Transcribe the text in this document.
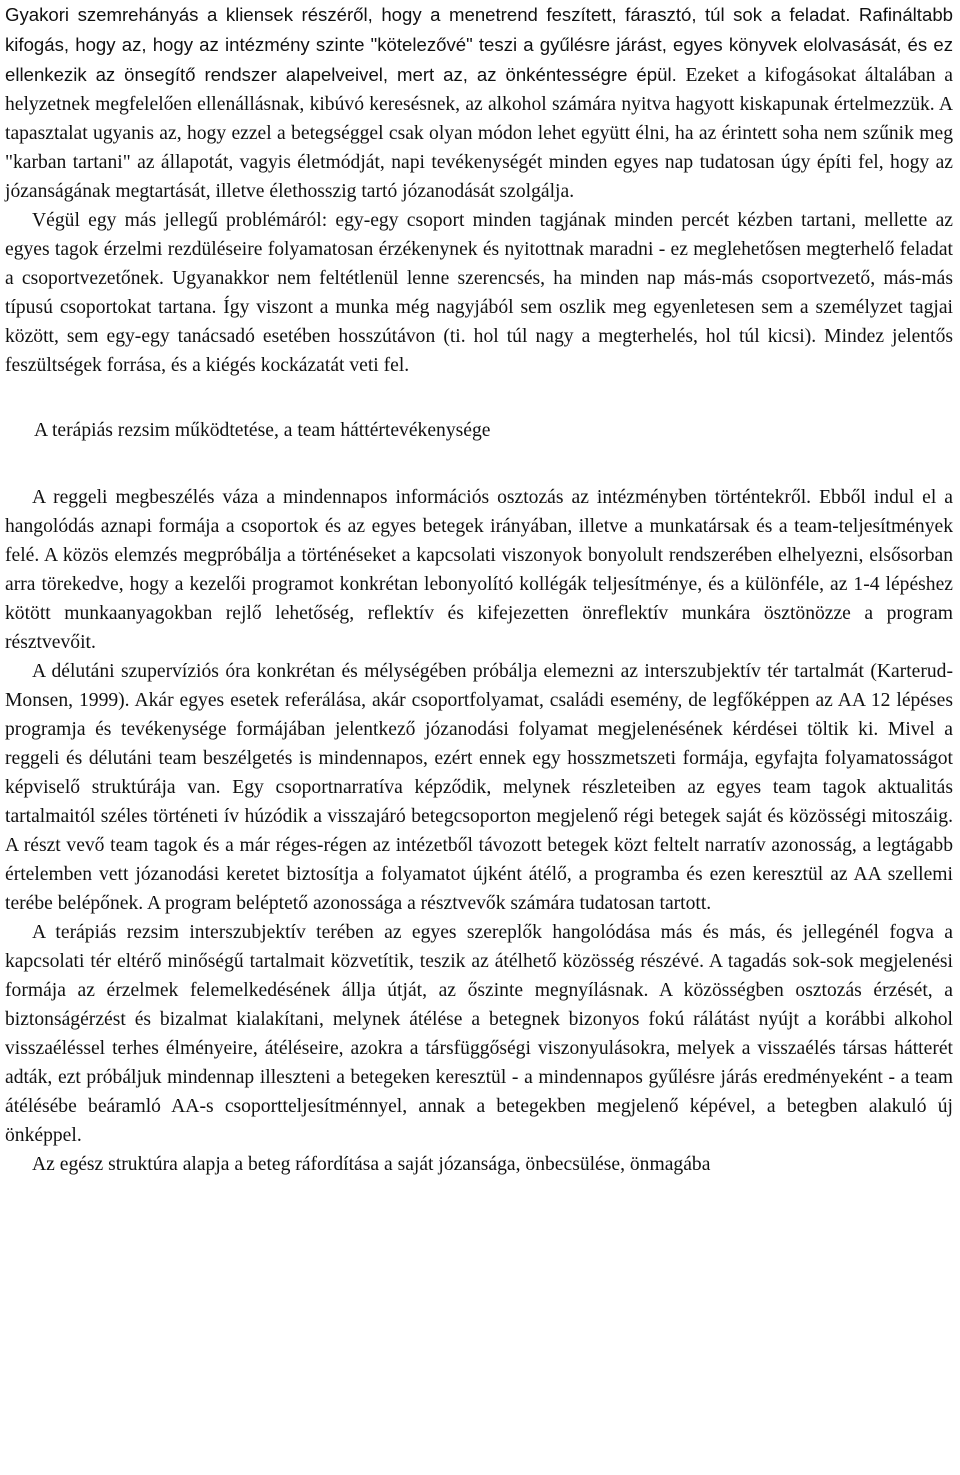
Gyakori szemrehányás a kliensek részéről, hogy a menetrend feszített, fárasztó, túl sok a feladat. Rafináltabb kifogás, hogy az, hogy az intézmény szinte "kötelezővé" teszi a gyűlésre járást, egyes könyvek elolvasását, és ez ellenkezik az önsegítő rendszer alapelveivel, mert az, az önkéntességre épül. Ezeket a kifogásokat általában a helyzetnek megfelelően ellenállásnak, kibúvó keresésnek, az alkohol számára nyitva hagyott kiskapunak értelmezzük. A tapasztalat ugyanis az, hogy ezzel a betegséggel csak olyan módon lehet együtt élni, ha az érintett soha nem szűnik meg "karban tartani" az állapotát, vagyis életmódját, napi tevékenységét minden egyes nap tudatosan úgy építi fel, hogy az józanságának megtartását, illetve élethosszig tartó józanodását szolgálja.

Végül egy más jellegű problémáról: egy-egy csoport minden tagjának minden percét kézben tartani, mellette az egyes tagok érzelmi rezdüléseire folyamatosan érzékenynek és nyitottnak maradni - ez meglehetősen megterhelő feladat a csoportvezetőnek. Ugyanakkor nem feltétlenül lenne szerencsés, ha minden nap más-más csoportvezető, más-más típusú csoportokat tartana. Így viszont a munka még nagyjából sem oszlik meg egyenletesen sem a személyzet tagjai között, sem egy-egy tanácsadó esetében hosszútávon (ti. hol túl nagy a megterhelés, hol túl kicsi). Mindez jelentős feszültségek forrása, és a kiégés kockázatát veti fel.

A terápiás rezsim működtetése, a team háttértevékenysége

A reggeli megbeszélés váza a mindennapos információs osztozás az intézményben történtekről. Ebből indul el a hangolódás aznapi formája a csoportok és az egyes betegek irányában, illetve a munkatársak és a team-teljesítmények felé. A közös elemzés megpróbálja a történéseket a kapcsolati viszonyok bonyolult rendszerében elhelyezni, elsősorban arra törekedve, hogy a kezelői programot konkrétan lebonyolító kollégák teljesítménye, és a különféle, az 1-4 lépéshez kötött munkaanyagokban rejlő lehetőség, reflektív és kifejezetten önreflektív munkára ösztönözze a program résztvevőit.

A délutáni szupervíziós óra konkrétan és mélységében próbálja elemezni az interszubjektív tér tartalmát (Karterud-Monsen, 1999). Akár egyes esetek referálása, akár csoportfolyamat, családi esemény, de legfőképpen az AA 12 lépéses programja és tevékenysége formájában jelentkező józanodási folyamat megjelenésének kérdései töltik ki. Mivel a reggeli és délutáni team beszélgetés is mindennapos, ezért ennek egy hosszmetszeti formája, egyfajta folyamatosságot képviselő struktúrája van. Egy csoportnarratíva képződik, melynek részleteiben az egyes team tagok aktualitás tartalmaitól széles történeti ív húzódik a visszajáró betegcsoporton megjelenő régi betegek saját és közösségi mitoszáig. A részt vevő team tagok és a már réges-régen az intézetből távozott betegek közt feltelt narratív azonosság, a legtágabb értelemben vett józanodási keretet biztosítja a folyamatot újként átélő, a programba és ezen keresztül az AA szellemi terébe belépőnek. A program beléptető azonossága a résztvevők számára tudatosan tartott.

A terápiás rezsim interszubjektív terében az egyes szereplők hangolódása más és más, és jellegénél fogva a kapcsolati tér eltérő minőségű tartalmait közvetítik, teszik az átélhető közösség részévé. A tagadás sok-sok megjelenési formája az érzelmek felemelkedésének állja útját, az őszinte megnyílásnak. A közösségben osztozás érzését, a biztonságérzést és bizalmat kialakítani, melynek átélése a betegnek bizonyos fokú rálátást nyújt a korábbi alkohol visszaéléssel terhes élményeire, átéléseire, azokra a társfüggőségi viszonyulásokra, melyek a visszaélés társas hátterét adták, ezt próbáljuk mindennap illeszteni a betegeken keresztül - a mindennapos gyűlésre járás eredményeként - a team átélésébe beáramló AA-s csoportteljesítménnyel, annak a betegekben megjelenő képével, a betegben alakuló új önképpel.

Az egész struktúra alapja a beteg ráfordítása a saját józansága, önbecsülése, önmagába
